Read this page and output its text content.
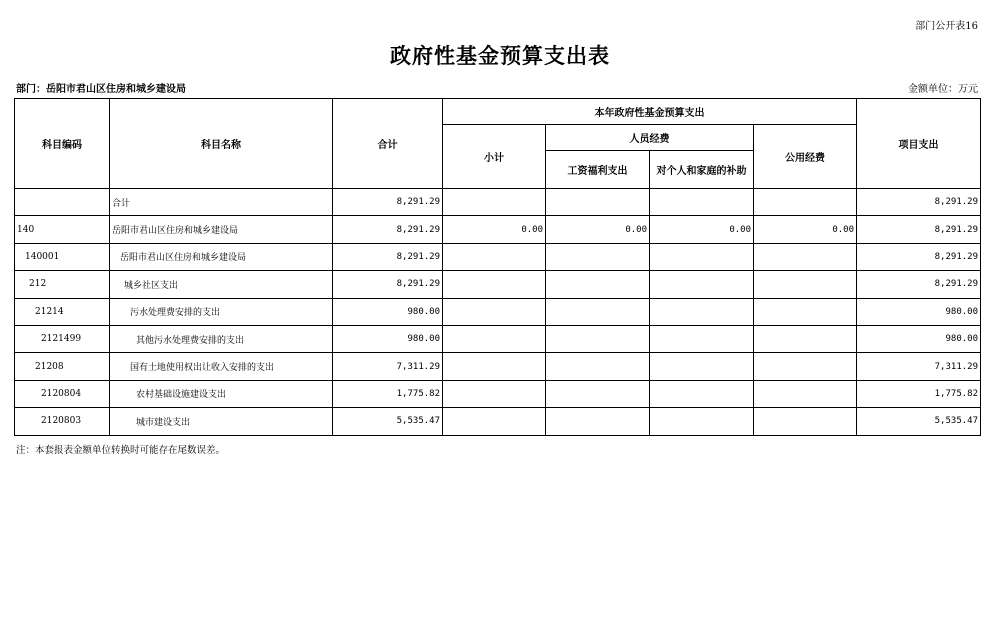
部门公开表16
政府性基金预算支出表
部门：岳阳市君山区住房和城乡建设局	金额单位：万元
科目编码	科目名称	合计	本年政府性基金预算支出				项目支出
			小计	人员经费		公用经费	
				工资福利支出	对个人和家庭的补助		
	合计	8,291.29					8,291.29
140	岳阳市君山区住房和城乡建设局	8,291.29	0.00	0.00	0.00	0.00	8,291.29
140001	岳阳市君山区住房和城乡建设局	8,291.29					8,291.29
212	城乡社区支出	8,291.29					8,291.29
21214	污水处理费安排的支出	980.00					980.00
2121499	其他污水处理费安排的支出	980.00					980.00
21208	国有土地使用权出让收入安排的支出	7,311.29					7,311.29
2120804	农村基础设施建设支出	1,775.82					1,775.82
2120803	城市建设支出	5,535.47					5,535.47
注：本套报表金额单位转换时可能存在尾数误差。
